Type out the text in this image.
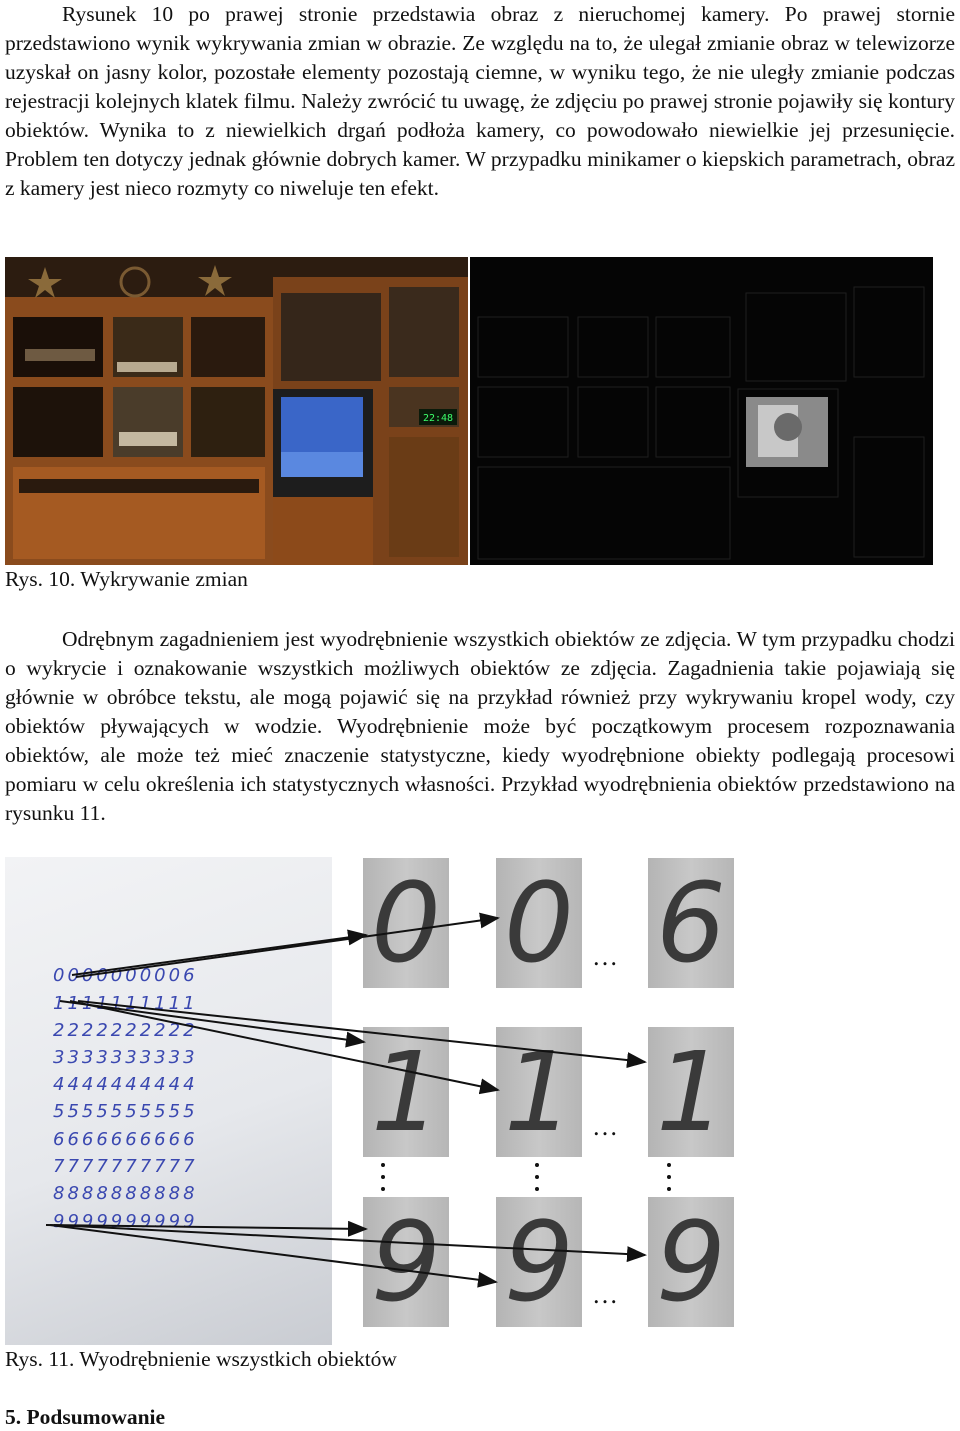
Rysunek 10 po prawej stronie przedstawia obraz z nieruchomej kamery. Po prawej stornie przedstawiono wynik wykrywania zmian w obrazie. Ze względu na to, że ulegał zmianie obraz w telewizorze uzyskał on jasny kolor, pozostałe elementy pozostają ciemne, w wyniku tego, że nie uległy zmianie podczas rejestracji kolejnych klatek filmu. Należy zwrócić tu uwagę, że zdjęciu po prawej stronie pojawiły się kontury obiektów. Wynika to z niewielkich drgań podłoża kamery, co powodowało niewielkie jej przesunięcie. Problem ten dotyczy jednak głównie dobrych kamer. W przypadku minikamer o kiepskich parametrach, obraz z kamery jest nieco rozmyty co niweluje ten efekt.

22:48

Rys. 10. Wykrywanie zmian

Odrębnym zagadnieniem jest wyodrębnienie wszystkich obiektów ze zdjęcia. W tym przypadku chodzi o wykrycie i oznakowanie wszystkich możliwych obiektów ze zdjęcia. Zagadnienia takie pojawiają się głównie w obróbce tekstu, ale mogą pojawić się na przykład również przy wykrywaniu kropel wody, czy obiektów pływających w wodzie. Wyodrębnienie może być początkowym procesem rozpoznawania obiektów, ale może też mieć znaczenie statystyczne, kiedy wyodrębnione obiekty podlegają procesowi pomiaru w celu określenia ich statystycznych własności. Przykład wyodrębnienia obiektów przedstawiono na rysunku 11.

0000000006
1111111111
2222222222
3333333333
4444444444
5555555555
6666666666
7777777777
8888888888
9999999999
0 0 6
1 1 1
9 9 9
…
…
…

Rys. 11. Wyodrębnienie wszystkich obiektów

5. Podsumowanie
